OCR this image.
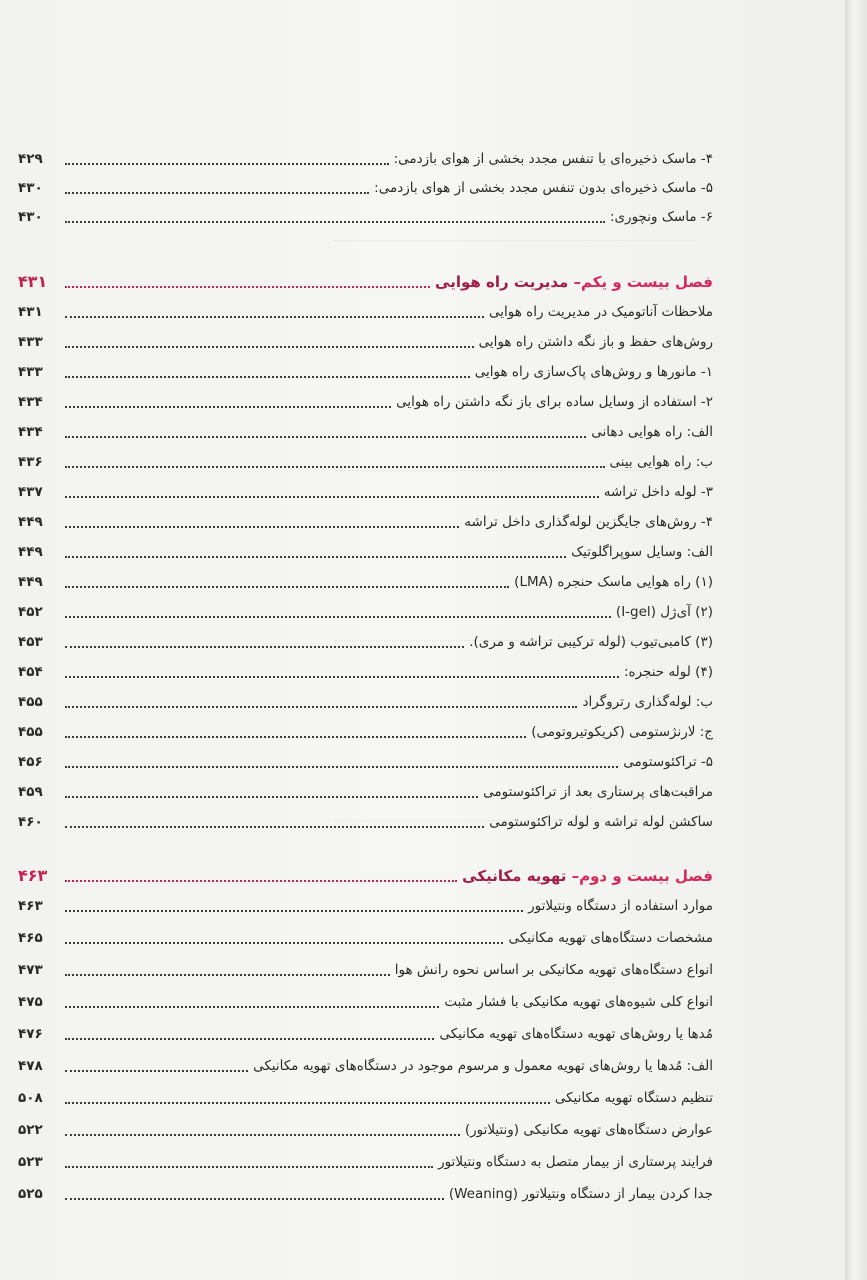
۴- ماسک ذخیره‌ای با تنفس مجدد بخشی از هوای بازدمی:
۴۲۹
۵- ماسک ذخیره‌ای بدون تنفس مجدد بخشی از هوای بازدمی:
۴۳۰
۶- ماسک ونچوری:
۴۳۰
فصل بیست و یکم– مدیریت راه هوایی
۴۳۱
ملاحظات آناتومیک در مدیریت راه هوایی
۴۳۱
روش‌های حفظ و باز نگه داشتن راه هوایی
۴۳۳
۱- مانورها و روش‌های پاک‌سازی راه هوایی
۴۳۳
۲- استفاده از وسایل ساده برای باز نگه داشتن راه هوایی
۴۳۴
الف: راه هوایی دهانی
۴۳۴
ب: راه هوایی بینی
۴۳۶
۳- لوله داخل تراشه
۴۳۷
۴- روش‌های جایگزین لوله‌گذاری داخل تراشه
۴۴۹
الف: وسایل سوپراگلوتیک
۴۴۹
(۱) راه هوایی ماسک حنجره (LMA)
۴۴۹
(۲) آی‌ژل (I-gel)
۴۵۲
(۳) کامبی‌تیوب (لوله ترکیبی تراشه و مری).
۴۵۳
(۴) لوله حنجره:
۴۵۴
ب: لوله‌گذاری رتروگراد
۴۵۵
ج: لارنژستومی (کریکوتیروتومی)
۴۵۵
۵- تراکئوستومی
۴۵۶
مراقبت‌های پرستاری بعد از تراکئوستومی
۴۵۹
ساکشن لوله تراشه و لوله تراکئوستومی
۴۶۰
فصل بیست و دوم– تهویه مکانیکی
۴۶۳
موارد استفاده از دستگاه ونتیلاتور
۴۶۳
مشخصات دستگاه‌های تهویه مکانیکی
۴۶۵
انواع دستگاه‌های تهویه مکانیکی بر اساس نحوه رانش هوا
۴۷۳
انواع کلی شیوه‌های تهویه مکانیکی با فشار مثبت
۴۷۵
مُدها یا روش‌های تهویه دستگاه‌های تهویه مکانیکی
۴۷۶
الف: مُدها یا روش‌های تهویه معمول و مرسوم موجود در دستگاه‌های تهویه مکانیکی
۴۷۸
تنظیم دستگاه تهویه مکانیکی
۵۰۸
عوارض دستگاه‌های تهویه مکانیکی (ونتیلاتور)
۵۲۲
فرایند پرستاری از بیمار متصل به دستگاه ونتیلاتور
۵۲۳
جدا کردن بیمار از دستگاه ونتیلاتور (Weaning)
۵۲۵
